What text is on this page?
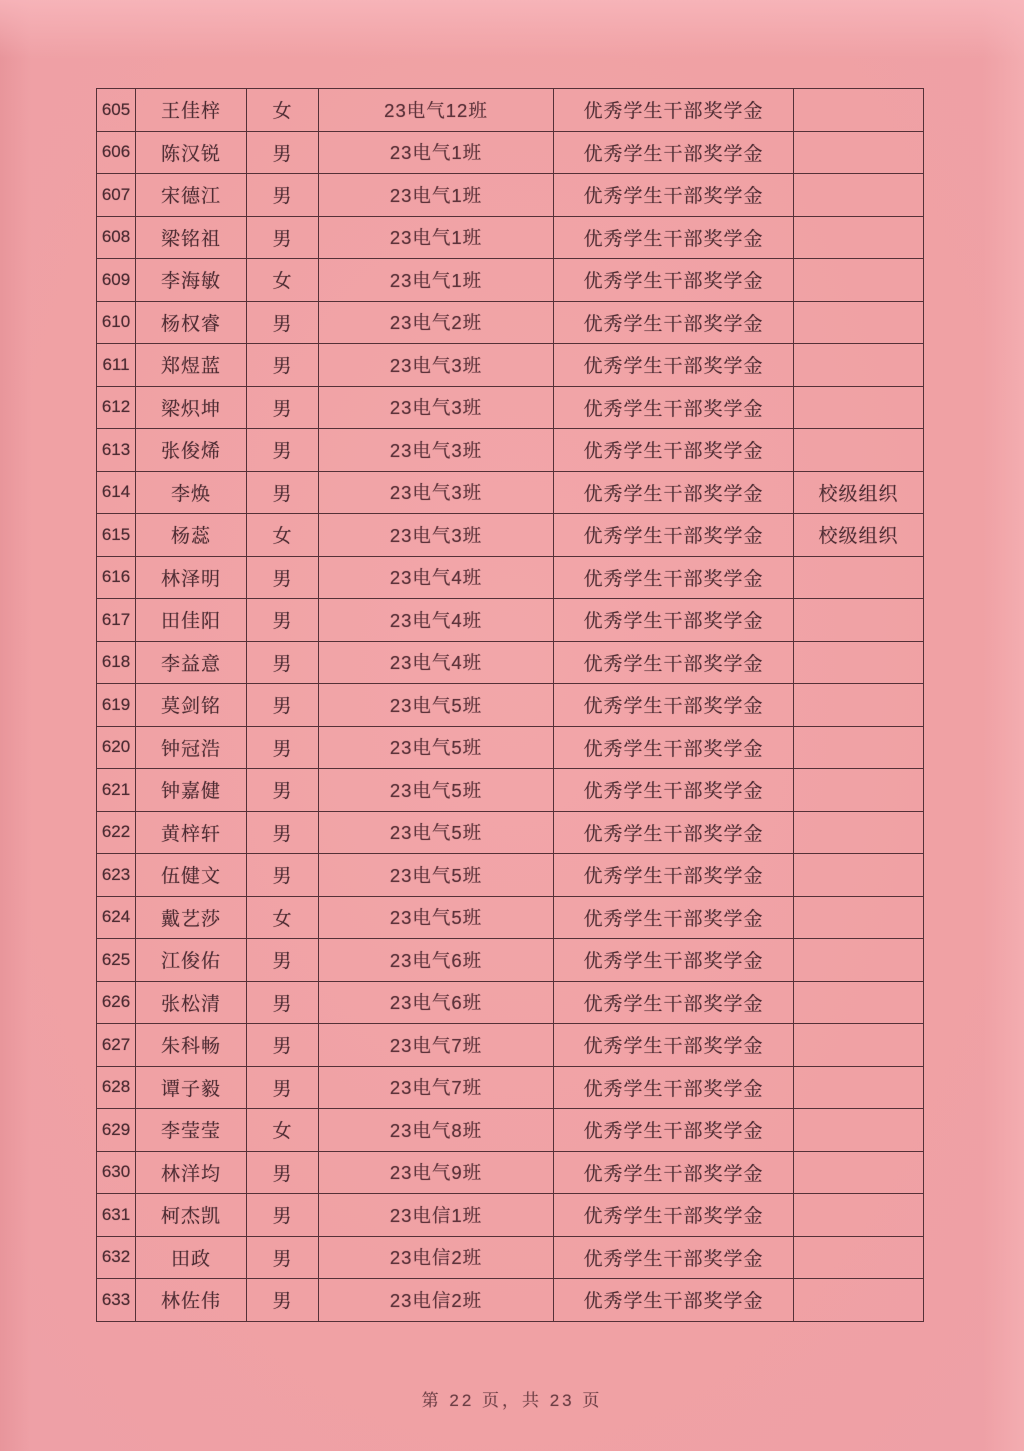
605	王佳梓	女	23电气12班	优秀学生干部奖学金	
606	陈汉锐	男	23电气1班	优秀学生干部奖学金	
607	宋德江	男	23电气1班	优秀学生干部奖学金	
608	梁铭祖	男	23电气1班	优秀学生干部奖学金	
609	李海敏	女	23电气1班	优秀学生干部奖学金	
610	杨权睿	男	23电气2班	优秀学生干部奖学金	
611	郑煜蓝	男	23电气3班	优秀学生干部奖学金	
612	梁炽坤	男	23电气3班	优秀学生干部奖学金	
613	张俊烯	男	23电气3班	优秀学生干部奖学金	
614	李焕	男	23电气3班	优秀学生干部奖学金	校级组织
615	杨蕊	女	23电气3班	优秀学生干部奖学金	校级组织
616	林泽明	男	23电气4班	优秀学生干部奖学金	
617	田佳阳	男	23电气4班	优秀学生干部奖学金	
618	李益意	男	23电气4班	优秀学生干部奖学金	
619	莫剑铭	男	23电气5班	优秀学生干部奖学金	
620	钟冠浩	男	23电气5班	优秀学生干部奖学金	
621	钟嘉健	男	23电气5班	优秀学生干部奖学金	
622	黄梓轩	男	23电气5班	优秀学生干部奖学金	
623	伍健文	男	23电气5班	优秀学生干部奖学金	
624	戴艺莎	女	23电气5班	优秀学生干部奖学金	
625	江俊佑	男	23电气6班	优秀学生干部奖学金	
626	张松清	男	23电气6班	优秀学生干部奖学金	
627	朱科畅	男	23电气7班	优秀学生干部奖学金	
628	谭子毅	男	23电气7班	优秀学生干部奖学金	
629	李莹莹	女	23电气8班	优秀学生干部奖学金	
630	林洋均	男	23电气9班	优秀学生干部奖学金	
631	柯杰凯	男	23电信1班	优秀学生干部奖学金	
632	田政	男	23电信2班	优秀学生干部奖学金	
633	林佐伟	男	23电信2班	优秀学生干部奖学金	
第 22 页，共 23 页
